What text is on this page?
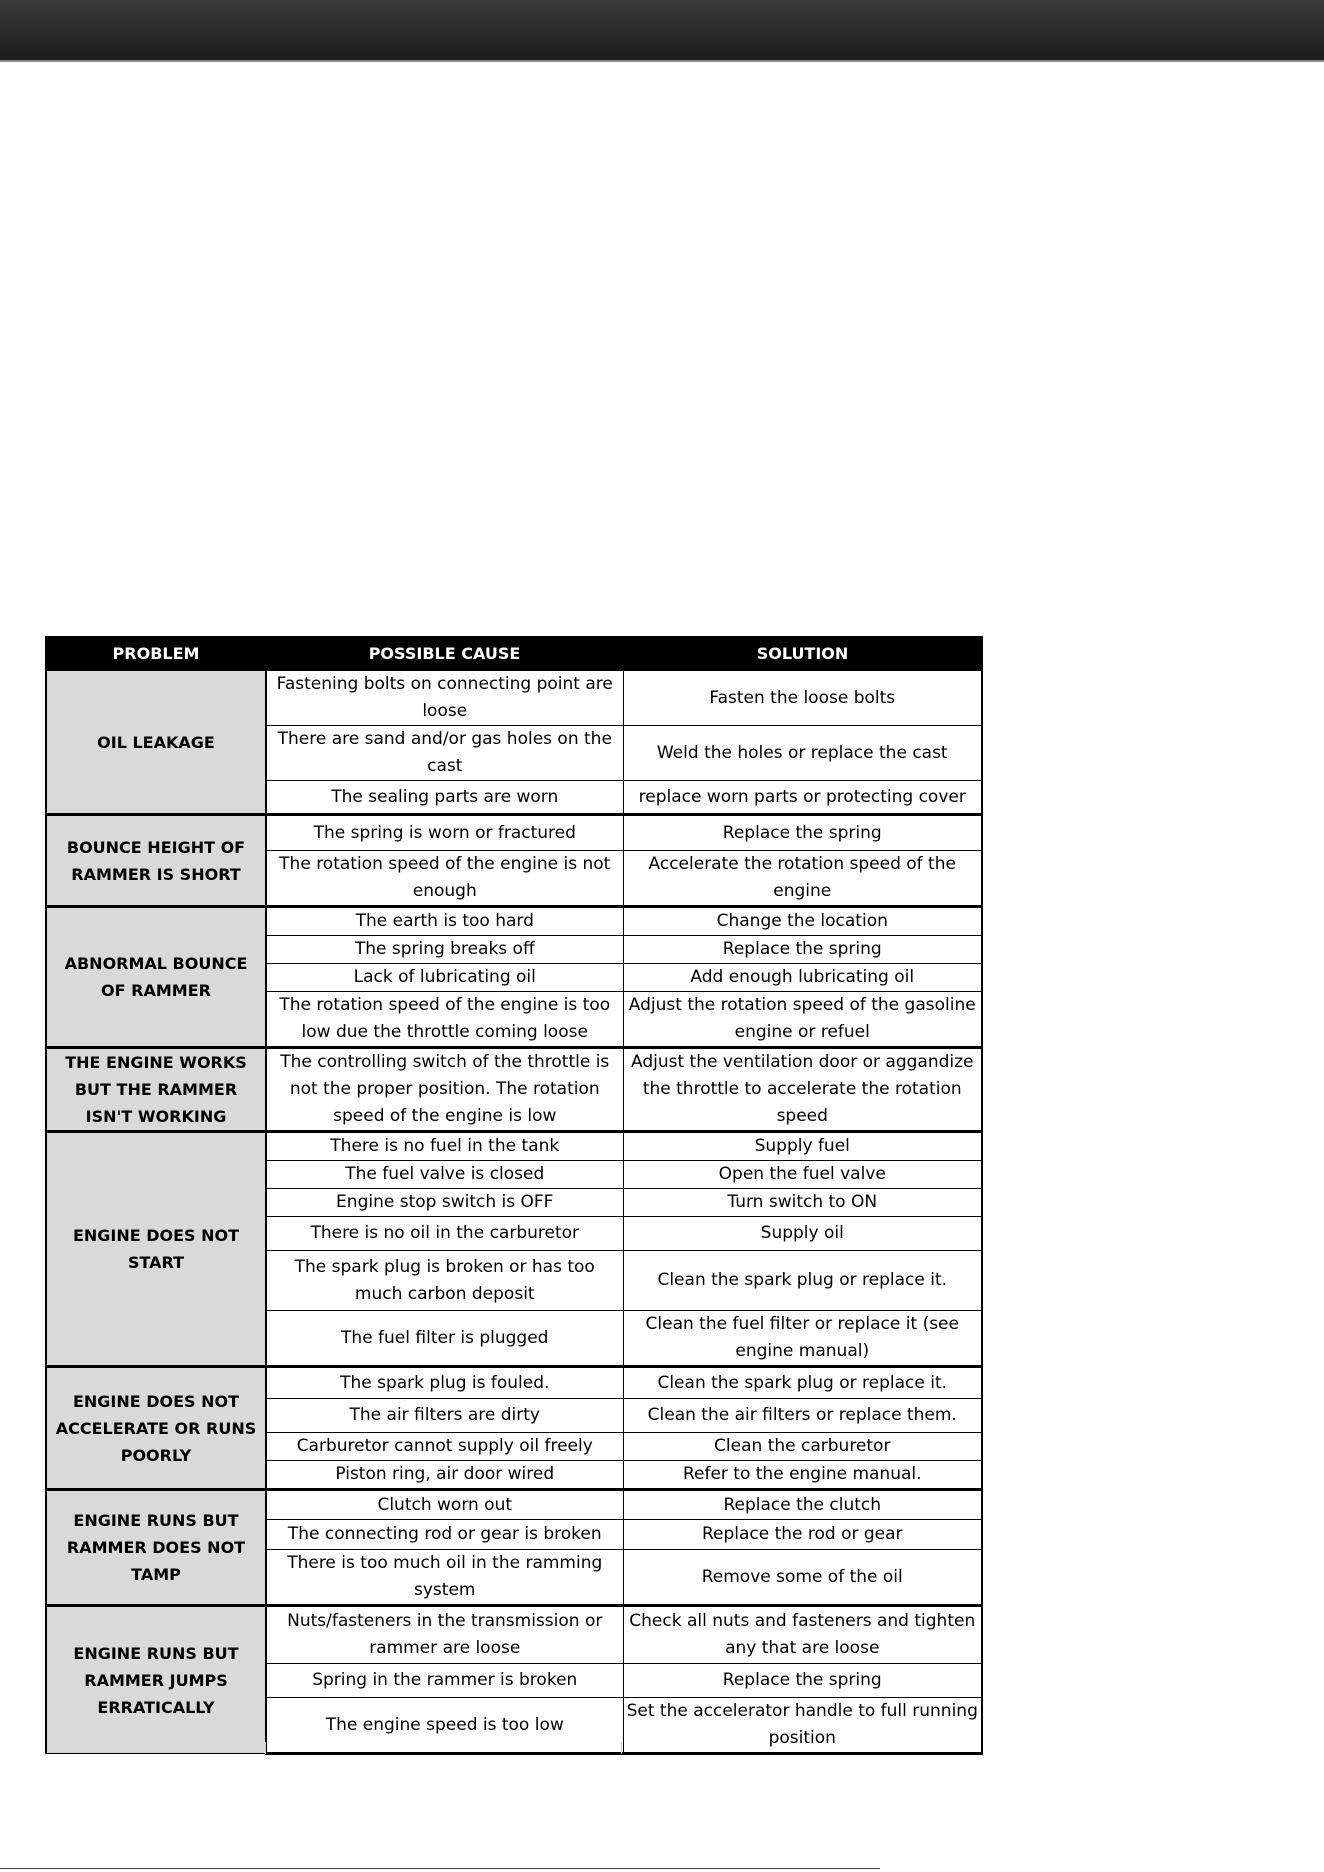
PROBLEM	POSSIBLE CAUSE	SOLUTION
OIL LEAKAGE	Fastening bolts on connecting point are loose	Fasten the loose bolts
	There are sand and/or gas holes on the cast	Weld the holes or replace the cast
	The sealing parts are worn	replace worn parts or protecting cover
BOUNCE HEIGHT OF RAMMER IS SHORT	The spring is worn or fractured	Replace the spring
	The rotation speed of the engine is not enough	Accelerate the rotation speed of the engine
ABNORMAL BOUNCE OF RAMMER	The earth is too hard	Change the location
	The spring breaks off	Replace the spring
	Lack of lubricating oil	Add enough lubricating oil
	The rotation speed of the engine is too low due the throttle coming loose	Adjust the rotation speed of the gasoline engine or refuel
THE ENGINE WORKS BUT THE RAMMER ISN'T WORKING	The controlling switch of the throttle is not the proper position. The rotation speed of the engine is low	Adjust the ventilation door or aggandize the throttle to accelerate the rotation speed
ENGINE DOES NOT START	There is no fuel in the tank	Supply fuel
	The fuel valve is closed	Open the fuel valve
	Engine stop switch is OFF	Turn switch to ON
	There is no oil in the carburetor	Supply oil
	The spark plug is broken or has too much carbon deposit	Clean the spark plug or replace it.
	The fuel filter is plugged	Clean the fuel filter or replace it (see engine manual)
ENGINE DOES NOT ACCELERATE OR RUNS POORLY	The spark plug is fouled.	Clean the spark plug or replace it.
	The air filters are dirty	Clean the air filters or replace them.
	Carburetor cannot supply oil freely	Clean the carburetor
	Piston ring, air door wired	Refer to the engine manual.
ENGINE RUNS BUT RAMMER DOES NOT TAMP	Clutch worn out	Replace the clutch
	The connecting rod or gear is broken	Replace the rod or gear
	There is too much oil in the ramming system	Remove some of the oil
ENGINE RUNS BUT RAMMER JUMPS ERRATICALLY	Nuts/fasteners in the transmission or rammer are loose	Check all nuts and fasteners and tighten any that are loose
	Spring in the rammer is broken	Replace the spring
	The engine speed is too low	Set the accelerator handle to full running position
